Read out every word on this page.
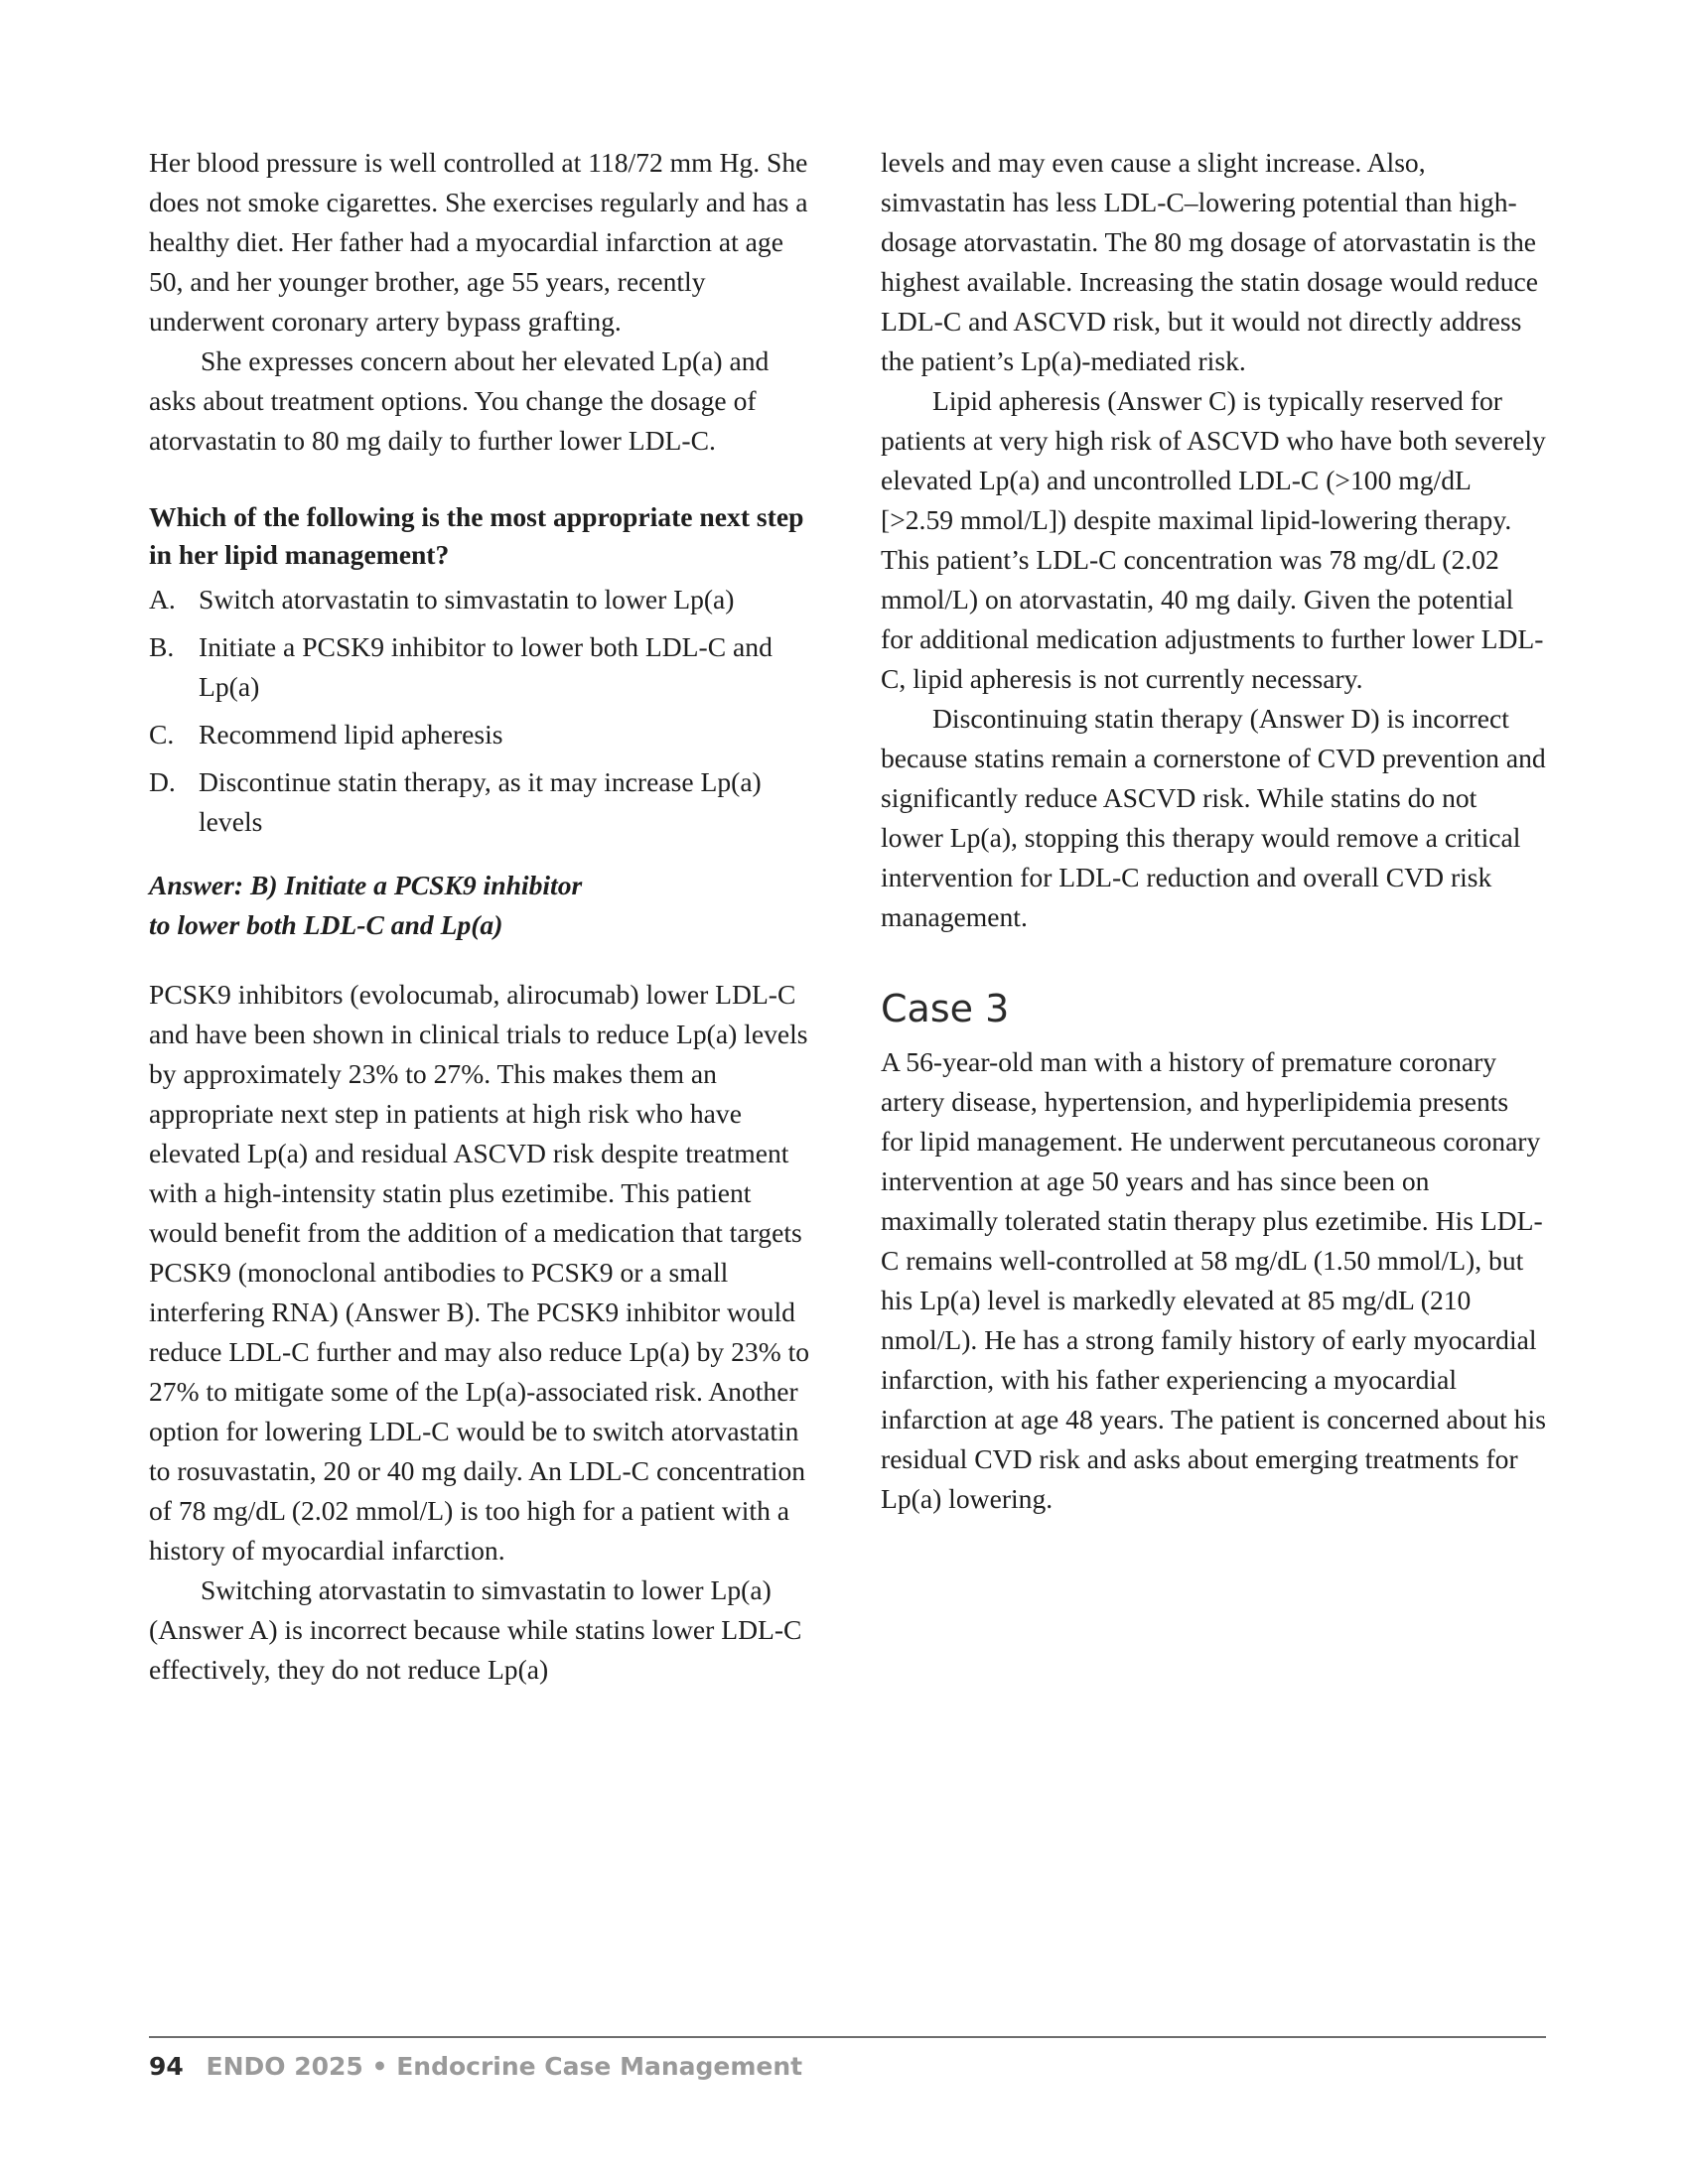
Her blood pressure is well controlled at 118/72 mm Hg. She does not smoke cigarettes. She exercises regularly and has a healthy diet. Her father had a myocardial infarction at age 50, and her younger brother, age 55 years, recently underwent coronary artery bypass grafting.

She expresses concern about her elevated Lp(a) and asks about treatment options. You change the dosage of atorvastatin to 80 mg daily to further lower LDL-C.

Which of the following is the most appropriate next step in her lipid management?

A. Switch atorvastatin to simvastatin to lower Lp(a)
B. Initiate a PCSK9 inhibitor to lower both LDL-C and Lp(a)
C. Recommend lipid apheresis
D. Discontinue statin therapy, as it may increase Lp(a) levels

Answer: B) Initiate a PCSK9 inhibitor
to lower both LDL-C and Lp(a)

PCSK9 inhibitors (evolocumab, alirocumab) lower LDL-C and have been shown in clinical trials to reduce Lp(a) levels by approximately 23% to 27%. This makes them an appropriate next step in patients at high risk who have elevated Lp(a) and residual ASCVD risk despite treatment with a high-intensity statin plus ezetimibe. This patient would benefit from the addition of a medication that targets PCSK9 (monoclonal antibodies to PCSK9 or a small interfering RNA) (Answer B). The PCSK9 inhibitor would reduce LDL-C further and may also reduce Lp(a) by 23% to 27% to mitigate some of the Lp(a)-associated risk. Another option for lowering LDL-C would be to switch atorvastatin to rosuvastatin, 20 or 40 mg daily. An LDL-C concentration of 78 mg/dL (2.02 mmol/L) is too high for a patient with a history of myocardial infarction.

Switching atorvastatin to simvastatin to lower Lp(a) (Answer A) is incorrect because while statins lower LDL-C effectively, they do not reduce Lp(a)

levels and may even cause a slight increase. Also, simvastatin has less LDL-C–lowering potential than high-dosage atorvastatin. The 80 mg dosage of atorvastatin is the highest available. Increasing the statin dosage would reduce LDL-C and ASCVD risk, but it would not directly address the patient’s Lp(a)-mediated risk.

Lipid apheresis (Answer C) is typically reserved for patients at very high risk of ASCVD who have both severely elevated Lp(a) and uncontrolled LDL-C (>100 mg/dL [>2.59 mmol/L]) despite maximal lipid-lowering therapy. This patient’s LDL-C concentration was 78 mg/dL (2.02 mmol/L) on atorvastatin, 40 mg daily. Given the potential for additional medication adjustments to further lower LDL-C, lipid apheresis is not currently necessary.

Discontinuing statin therapy (Answer D) is incorrect because statins remain a cornerstone of CVD prevention and significantly reduce ASCVD risk. While statins do not lower Lp(a), stopping this therapy would remove a critical intervention for LDL-C reduction and overall CVD risk management.

Case 3

A 56-year-old man with a history of premature coronary artery disease, hypertension, and hyperlipidemia presents for lipid management. He underwent percutaneous coronary intervention at age 50 years and has since been on maximally tolerated statin therapy plus ezetimibe. His LDL-C remains well-controlled at 58 mg/dL (1.50 mmol/L), but his Lp(a) level is markedly elevated at 85 mg/dL (210 nmol/L). He has a strong family history of early myocardial infarction, with his father experiencing a myocardial infarction at age 48 years. The patient is concerned about his residual CVD risk and asks about emerging treatments for Lp(a) lowering.

94 ENDO 2025 • Endocrine Case Management
